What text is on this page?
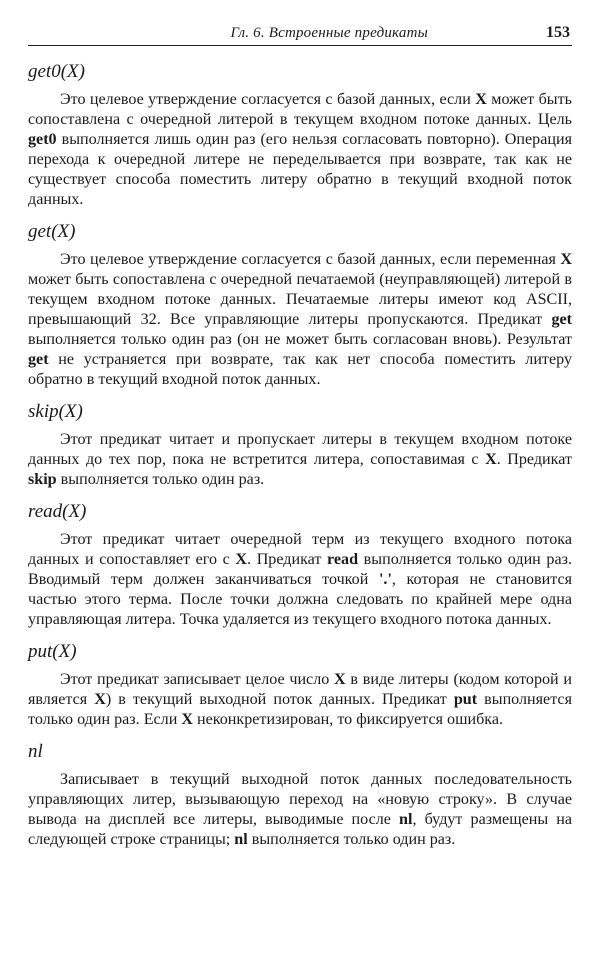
Гл. 6. Встроенные предикаты	153
get0(X)

Это целевое утверждение согласуется с базой данных, если X может быть сопоставлена с очередной литерой в текущем входном потоке данных. Цель get0 выполняется лишь один раз (его нельзя согласовать повторно). Операция перехода к очередной литере не переделывается при возврате, так как не существует способа поместить литеру обратно в текущий входной поток данных.

get(X)

Это целевое утверждение согласуется с базой данных, если переменная X может быть сопоставлена с очередной печатаемой (неуправляющей) литерой в текущем входном потоке данных. Печатаемые литеры имеют код ASCII, превышающий 32. Все управляющие литеры пропускаются. Предикат get выполняется только один раз (он не может быть согласован вновь). Результат get не устраняется при возврате, так как нет способа поместить литеру обратно в текущий входной поток данных.

skip(X)

Этот предикат читает и пропускает литеры в текущем входном потоке данных до тех пор, пока не встретится литера, сопоставимая с X. Предикат skip выполняется только один раз.

read(X)

Этот предикат читает очередной терм из текущего входного потока данных и сопоставляет его с X. Предикат read выполняется только один раз. Вводимый терм должен заканчиваться точкой '.', которая не становится частью этого терма. После точки должна следовать по крайней мере одна управляющая литера. Точка удаляется из текущего входного потока данных.

put(X)

Этот предикат записывает целое число X в виде литеры (кодом которой и является X) в текущий выходной поток данных. Предикат put выполняется только один раз. Если X неконкретизирован, то фиксируется ошибка.

nl

Записывает в текущий выходной поток данных последовательность управляющих литер, вызывающую переход на «новую строку». В случае вывода на дисплей все литеры, выводимые после nl, будут размещены на следующей строке страницы; nl выполняется только один раз.
